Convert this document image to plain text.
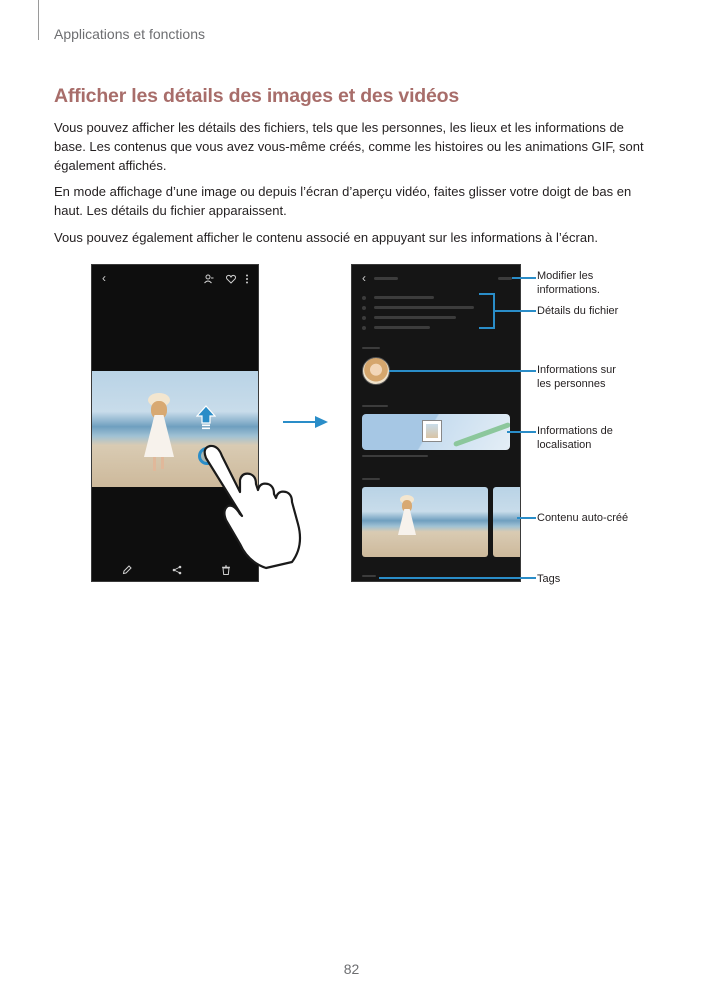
Applications et fonctions
Afficher les détails des images et des vidéos

Vous pouvez afficher les détails des fichiers, tels que les personnes, les lieux et les informations de base. Les contenus que vous avez vous-même créés, comme les histoires ou les animations GIF, sont également affichés.

En mode affichage d’une image ou depuis l’écran d’aperçu vidéo, faites glisser votre doigt de bas en haut. Les détails du fichier apparaissent.

Vous pouvez également afficher le contenu associé en appuyant sur les informations à l’écran.

‹	‹	Modifier les informations.
Détails du fichier
Informations sur les personnes
Informations de localisation
Contenu auto-créé
Tags
82
